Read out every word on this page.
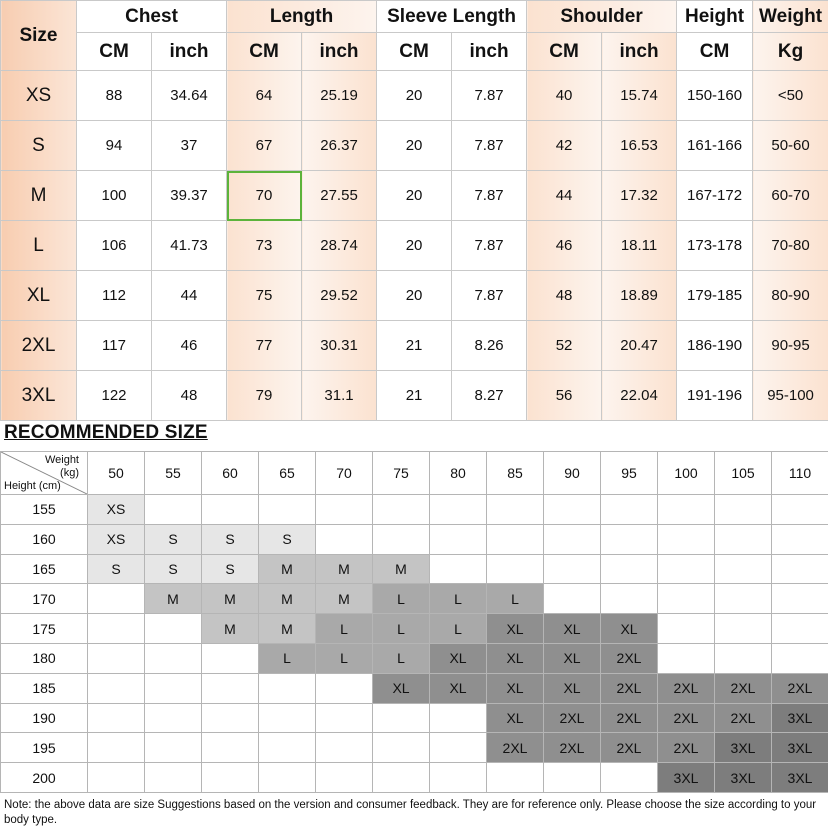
Size	Chest		Length		Sleeve Length		Shoulder		Height	Weight
	CM	inch	CM	inch	CM	inch	CM	inch	CM	Kg
XS	88	34.64	64	25.19	20	7.87	40	15.74	150-160	<50
S	94	37	67	26.37	20	7.87	42	16.53	161-166	50-60
M	100	39.37	70	27.55	20	7.87	44	17.32	167-172	60-70
L	106	41.73	73	28.74	20	7.87	46	18.11	173-178	70-80
XL	112	44	75	29.52	20	7.87	48	18.89	179-185	80-90
2XL	117	46	77	30.31	21	8.26	52	20.47	186-190	90-95
3XL	122	48	79	31.1	21	8.27	56	22.04	191-196	95-100
RECOMMENDED SIZE
Weight
(kg)
Height (cm)	50	55	60	65	70	75	80	85	90	95	100	105	110
155	XS												
160	XS	S	S	S									
165	S	S	S	M	M	M							
170		M	M	M	M	L	L	L					
175			M	M	L	L	L	XL	XL	XL			
180				L	L	L	XL	XL	XL	2XL			
185						XL	XL	XL	XL	2XL	2XL	2XL	2XL
190								XL	2XL	2XL	2XL	2XL	3XL
195								2XL	2XL	2XL	2XL	3XL	3XL
200											3XL	3XL	3XL

Note: the above data are size Suggestions based on the version and consumer feedback. They are for reference only. Please choose the size according to your body type.
